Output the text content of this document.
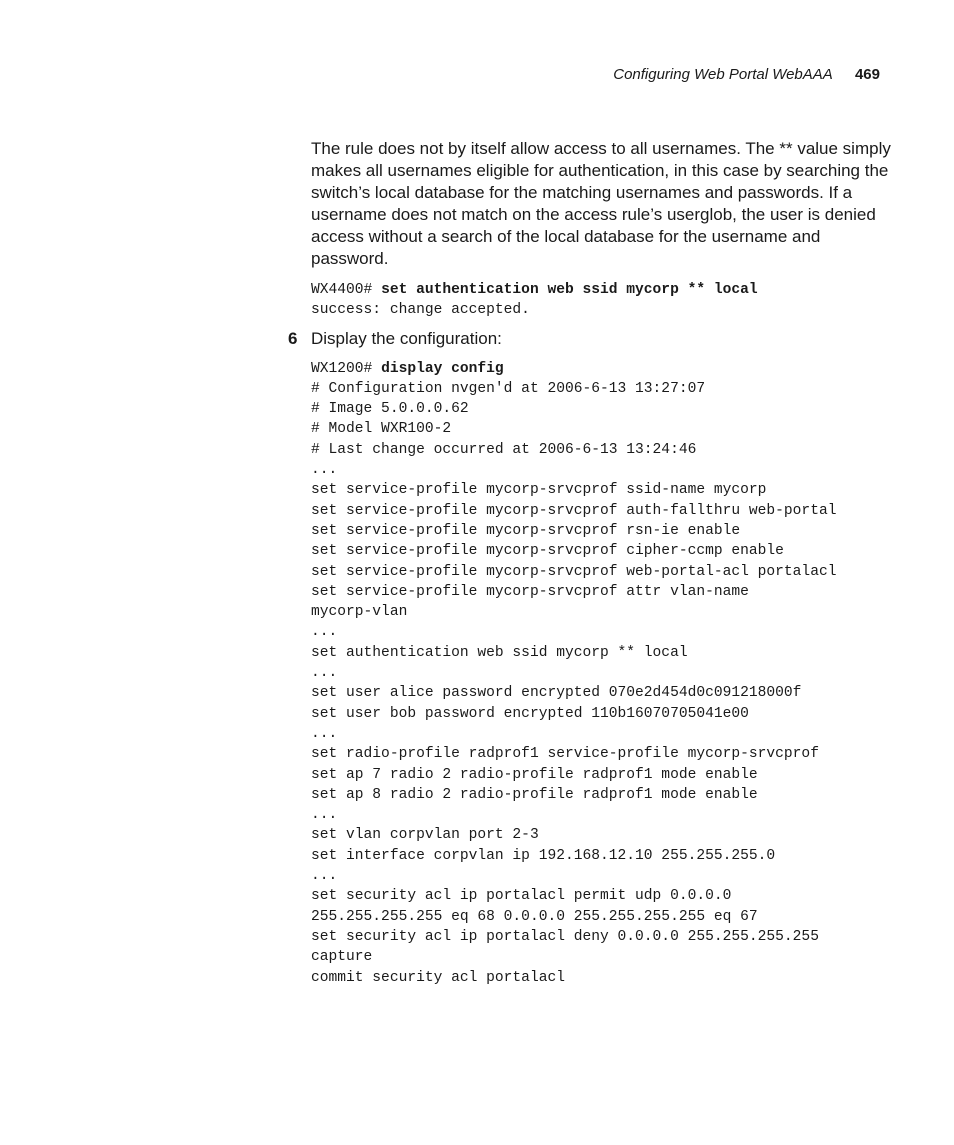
Configuring Web Portal WebAAA 469

The rule does not by itself allow access to all usernames. The ** value simply makes all usernames eligible for authentication, in this case by searching the switch’s local database for the matching usernames and passwords. If a username does not match on the access rule’s userglob, the user is denied access without a search of the local database for the username and password.

WX4400# set authentication web ssid mycorp ** local
success: change accepted.
6 Display the configuration:
WX1200# display config
# Configuration nvgen'd at 2006-6-13 13:27:07
# Image 5.0.0.0.62
# Model WXR100-2
# Last change occurred at 2006-6-13 13:24:46
...
set service-profile mycorp-srvcprof ssid-name mycorp
set service-profile mycorp-srvcprof auth-fallthru web-portal
set service-profile mycorp-srvcprof rsn-ie enable
set service-profile mycorp-srvcprof cipher-ccmp enable
set service-profile mycorp-srvcprof web-portal-acl portalacl
set service-profile mycorp-srvcprof attr vlan-name
mycorp-vlan
...
set authentication web ssid mycorp ** local
...
set user alice password encrypted 070e2d454d0c091218000f
set user bob password encrypted 110b16070705041e00
...
set radio-profile radprof1 service-profile mycorp-srvcprof
set ap 7 radio 2 radio-profile radprof1 mode enable
set ap 8 radio 2 radio-profile radprof1 mode enable
...
set vlan corpvlan port 2-3
set interface corpvlan ip 192.168.12.10 255.255.255.0
...
set security acl ip portalacl permit udp 0.0.0.0
255.255.255.255 eq 68 0.0.0.0 255.255.255.255 eq 67
set security acl ip portalacl deny 0.0.0.0 255.255.255.255
capture
commit security acl portalacl
